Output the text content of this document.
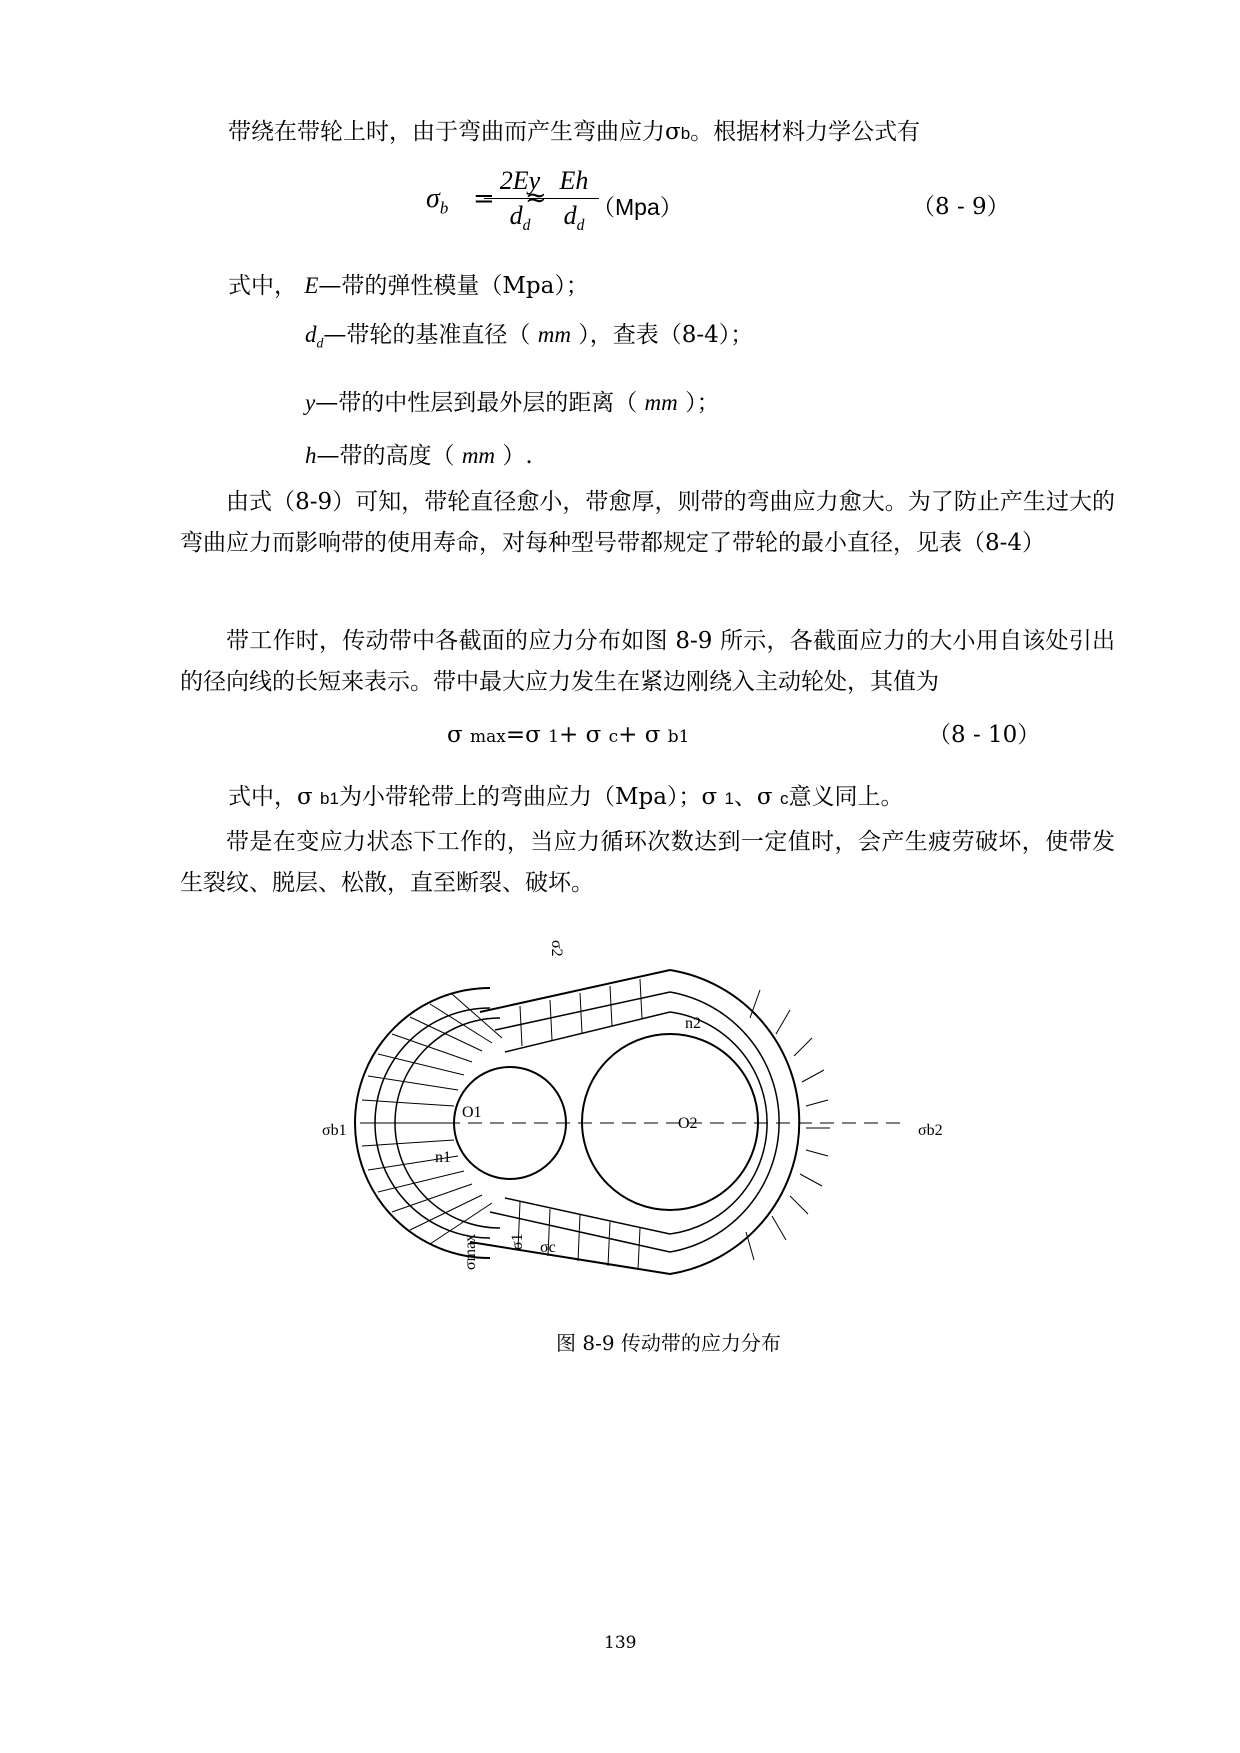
带绕在带轮上时，由于弯曲而产生弯曲应力σb。根据材料力学公式有
$\sigma_b$ =
2Ey
$d_d$
≈
Eh
$d_d$
（Mpa）	（8 - 9）
式中， E—带的弹性模量（Mpa）；
$d_d—$带轮的基准直径（ mm ），查表（8-4）；
y—带的中性层到最外层的距离（ mm ）；
h—带的高度（ mm ）.
由式（8-9）可知，带轮直径愈小，带愈厚，则带的弯曲应力愈大。为了防止产生过大的弯曲应力而影响带的使用寿命，对每种型号带都规定了带轮的最小直径，见表（8-4）
带工作时，传动带中各截面的应力分布如图 8-9 所示，各截面应力的大小用自该处引出的径向线的长短来表示。带中最大应力发生在紧边刚绕入主动轮处，其值为
σ max=σ 1+ σ c+ σ b1	（8 - 10）
式中，σ b1为小带轮带上的弯曲应力（Mpa）；σ 1、σ c意义同上。
带是在变应力状态下工作的，当应力循环次数达到一定值时，会产生疲劳破坏，使带发生裂纹、脱层、松散，直至断裂、破坏。
O1
O2
n1
n2
σb1	σb2
σ2
σmax σ1 σc
图 8-9 传动带的应力分布
139
